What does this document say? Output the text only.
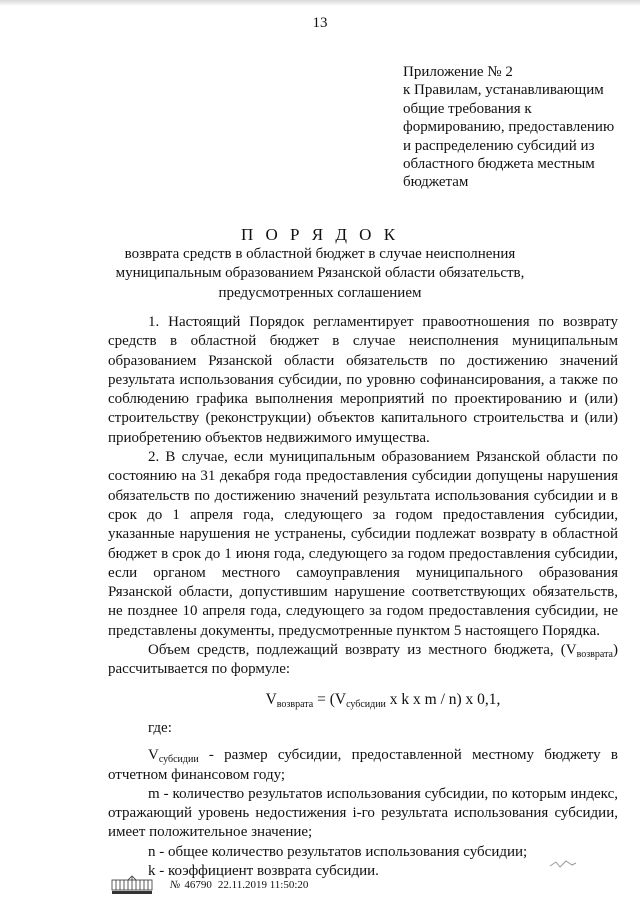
13
Приложение № 2
к Правилам, устанавливающим
общие требования к
формированию, предоставлению
и распределению субсидий из
областного бюджета местным
бюджетам
П О Р Я Д О К
возврата средств в областной бюджет в случае неисполнения
муниципальным образованием Рязанской области обязательств,
предусмотренных соглашением

1. Настоящий Порядок регламентирует правоотношения по возврату средств в областной бюджет в случае неисполнения муниципальным образованием Рязанской области обязательств по достижению значений результата использования субсидии, по уровню софинансирования, а также по соблюдению графика выполнения мероприятий по проектированию и (или) строительству (реконструкции) объектов капитального строительства и (или) приобретению объектов недвижимого имущества.

2. В случае, если муниципальным образованием Рязанской области по состоянию на 31 декабря года предоставления субсидии допущены нарушения обязательств по достижению значений результата использования субсидии и в срок до 1 апреля года, следующего за годом предоставления субсидии, указанные нарушения не устранены, субсидии подлежат возврату в областной бюджет в срок до 1 июня года, следующего за годом предоставления субсидии, если органом местного самоуправления муниципального образования Рязанской области, допустившим нарушение соответствующих обязательств, не позднее 10 апреля года, следующего за годом предоставления субсидии, не представлены документы, предусмотренные пунктом 5 настоящего Порядка.

Объем средств, подлежащий возврату из местного бюджета, $(V_{возврата})$ рассчитывается по формуле:

$V_{возврата} = (V_{субсидии}$ x k x m / n) x 0,1,

где:

$V_{субсидии}$ - размер субсидии, предоставленной местному бюджету в отчетном финансовом году;

m - количество результатов использования субсидии, по которым индекс, отражающий уровень недостижения i-го результата использования субсидии, имеет положительное значение;

n - общее количество результатов использования субсидии;

k - коэффициент возврата субсидии.

№ 46790 22.11.2019 11:50:20
